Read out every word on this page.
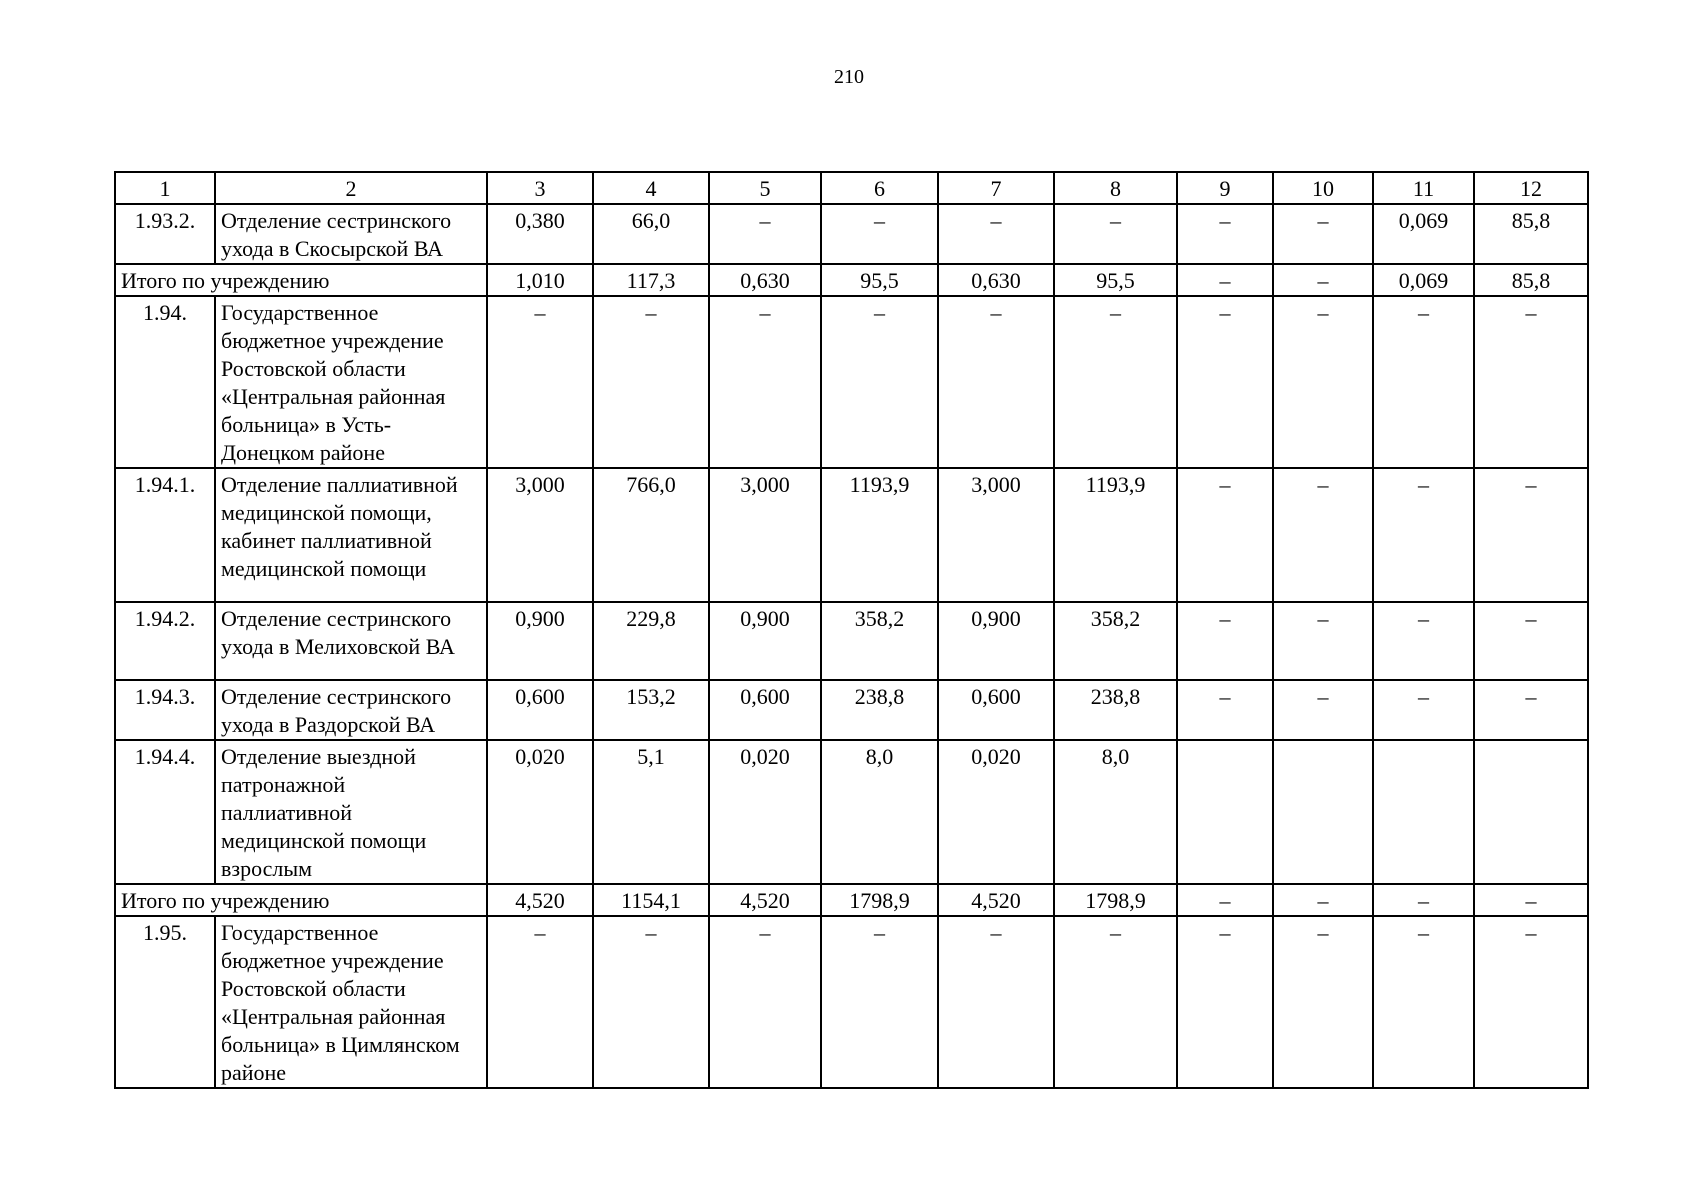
210
1	2	3	4	5	6	7	8	9	10	11	12
1.93.2.	Отделение сестринского ухода в Скосырской ВА	0,380	66,0	–	–	–	–	–	–	0,069	85,8
Итого по учреждению		1,010	117,3	0,630	95,5	0,630	95,5	–	–	0,069	85,8
1.94.	Государственное бюджетное учреждение Ростовской области «Центральная районная больница» в Усть-Донецком районе	–	–	–	–	–	–	–	–	–	–
1.94.1.	Отделение паллиативной медицинской помощи, кабинет паллиативной медицинской помощи	3,000	766,0	3,000	1193,9	3,000	1193,9	–	–	–	–
1.94.2.	Отделение сестринского ухода в Мелиховской ВА	0,900	229,8	0,900	358,2	0,900	358,2	–	–	–	–
1.94.3.	Отделение сестринского ухода в Раздорской ВА	0,600	153,2	0,600	238,8	0,600	238,8	–	–	–	–
1.94.4.	Отделение выездной патронажной паллиативной медицинской помощи взрослым	0,020	5,1	0,020	8,0	0,020	8,0				
Итого по учреждению		4,520	1154,1	4,520	1798,9	4,520	1798,9	–	–	–	–
1.95.	Государственное бюджетное учреждение Ростовской области «Центральная районная больница» в Цимлянском районе	–	–	–	–	–	–	–	–	–	–
